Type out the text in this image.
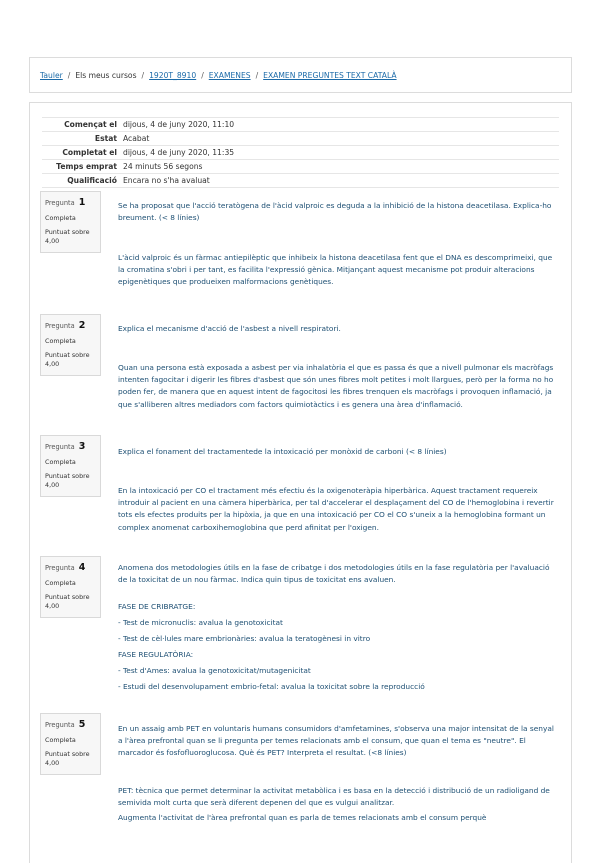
Tauler / Els meus cursos / 1920T_8910 / EXAMENES / EXAMEN PREGUNTES TEXT CATALÀ
Començat el	dijous, 4 de juny 2020, 11:10
Estat	Acabat
Completat el	dijous, 4 de juny 2020, 11:35
Temps emprat	24 minuts 56 segons
Qualificació	Encara no s'ha avaluat
Pregunta 1
Completa
Puntuat sobre
4,00

Se ha proposat que l'acció teratògena de l'àcid valproic es deguda a la inhibició de la histona deacetilasa. Explica-ho breument. (< 8 línies)

L'àcid valproic és un fàrmac antiepilèptic que inhibeix la histona deacetilasa fent que el DNA es descomprimeixi, que la cromatina s'obri i per tant, es facilita l'expressió gènica. Mitjançant aquest mecanisme pot produir alteracions epigenètiques que produeixen malformacions genètiques.

Pregunta 2
Completa
Puntuat sobre
4,00

Explica el mecanisme d'acció de l'asbest a nivell respiratori.

Quan una persona està exposada a asbest per via inhalatòria el que es passa és que a nivell pulmonar els macròfags intenten fagocitar i digerir les fibres d'asbest que són unes fibres molt petites i molt llargues, però per la forma no ho poden fer, de manera que en aquest intent de fagocitosi les fibres trenquen els macròfags i provoquen inflamació, ja que s'alliberen altres mediadors com factors quimiotàctics i es genera una àrea d'inflamació.

Pregunta 3
Completa
Puntuat sobre
4,00

Explica el fonament del tractamentede la intoxicació per monòxid de carboni (< 8 línies)

En la intoxicació per CO el tractament més efectiu és la oxigenoteràpia hiperbàrica. Aquest tractament requereix introduir al pacient en una càmera hiperbàrica, per tal d'accelerar el desplaçament del CO de l'hemoglobina i revertir tots els efectes produits per la hipòxia, ja que en una intoxicació per CO el CO s'uneix a la hemoglobina formant un complex anomenat carboxihemoglobina que perd afinitat per l'oxigen.

Pregunta 4
Completa
Puntuat sobre
4,00

Anomena dos metodologies útils en la fase de cribatge i dos metodologies útils en la fase regulatòria per l'avaluació de la toxicitat de un nou fàrmac. Indica quin tipus de toxicitat ens avaluen.

FASE DE CRIBRATGE:

- Test de micronuclis: avalua la genotoxicitat

- Test de cèl·lules mare embrionàries: avalua la teratogènesi in vitro

FASE REGULATÒRIA:

- Test d'Ames: avalua la genotoxicitat/mutagenicitat

- Estudi del desenvolupament embrio-fetal: avalua la toxicitat sobre la reproducció

Pregunta 5
Completa
Puntuat sobre
4,00

En un assaig amb PET en voluntaris humans consumidors d'amfetamines, s'observa una major intensitat de la senyal a l'àrea prefrontal quan se li pregunta per temes relacionats amb el consum, que quan el tema es "neutre". El marcador és fosfofluoroglucosa. Què és PET? Interpreta el resultat. (<8 línies)

PET: tècnica que permet determinar la activitat metabòlica i es basa en la detecció i distribució de un radioligand de semivida molt curta que serà diferent depenen del que es vulgui analitzar.

Augmenta l'activitat de l'àrea prefrontal quan es parla de temes relacionats amb el consum perquè
